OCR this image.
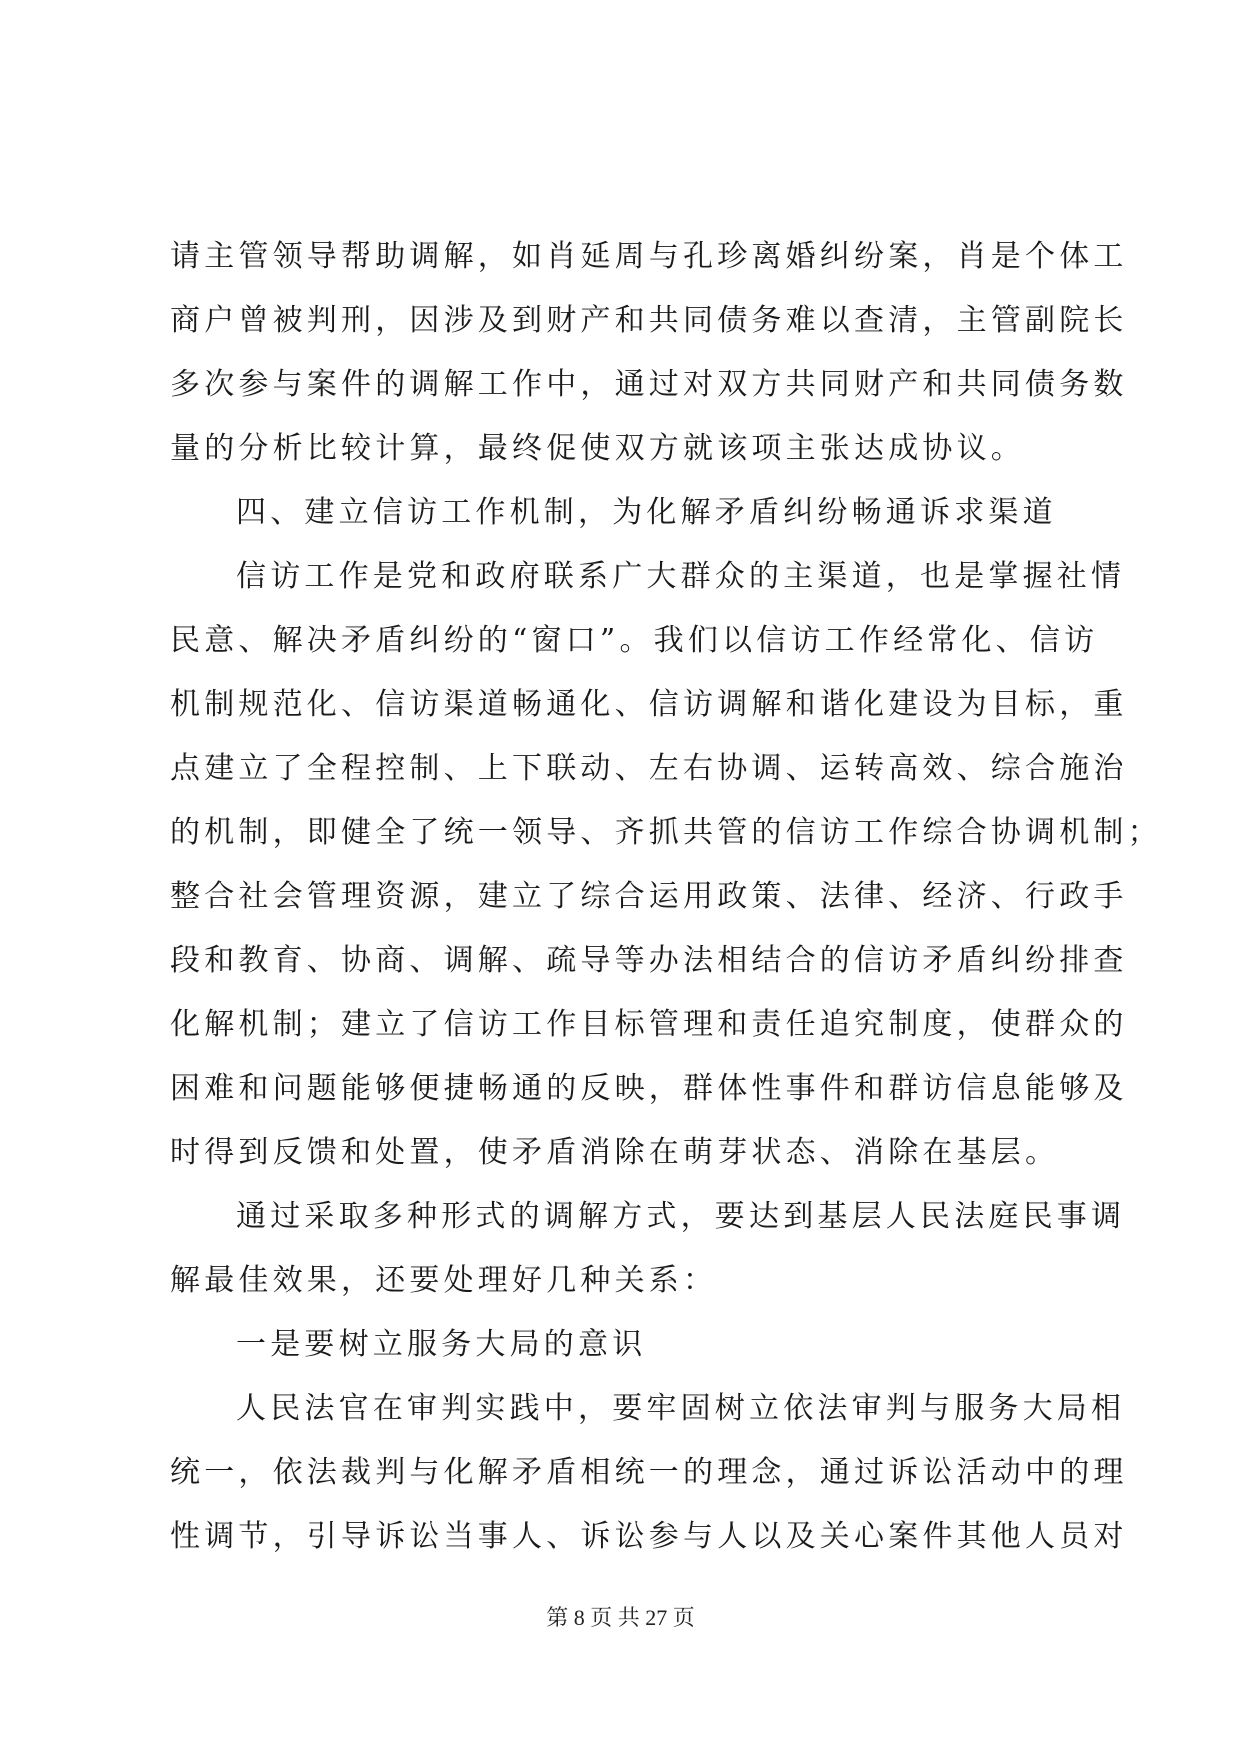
请主管领导帮助调解，如肖延周与孔珍离婚纠纷案，肖是个体工
商户曾被判刑，因涉及到财产和共同债务难以查清，主管副院长
多次参与案件的调解工作中，通过对双方共同财产和共同债务数
量的分析比较计算，最终促使双方就该项主张达成协议。
四、建立信访工作机制，为化解矛盾纠纷畅通诉求渠道
信访工作是党和政府联系广大群众的主渠道，也是掌握社情
民意、解决矛盾纠纷的“窗口”。我们以信访工作经常化、信访
机制规范化、信访渠道畅通化、信访调解和谐化建设为目标，重
点建立了全程控制、上下联动、左右协调、运转高效、综合施治
的机制，即健全了统一领导、齐抓共管的信访工作综合协调机制；
整合社会管理资源，建立了综合运用政策、法律、经济、行政手
段和教育、协商、调解、疏导等办法相结合的信访矛盾纠纷排查
化解机制；建立了信访工作目标管理和责任追究制度，使群众的
困难和问题能够便捷畅通的反映，群体性事件和群访信息能够及
时得到反馈和处置，使矛盾消除在萌芽状态、消除在基层。
通过采取多种形式的调解方式，要达到基层人民法庭民事调
解最佳效果，还要处理好几种关系：
一是要树立服务大局的意识
人民法官在审判实践中，要牢固树立依法审判与服务大局相
统一，依法裁判与化解矛盾相统一的理念，通过诉讼活动中的理
性调节，引导诉讼当事人、诉讼参与人以及关心案件其他人员对
第 8 页 共 27 页
